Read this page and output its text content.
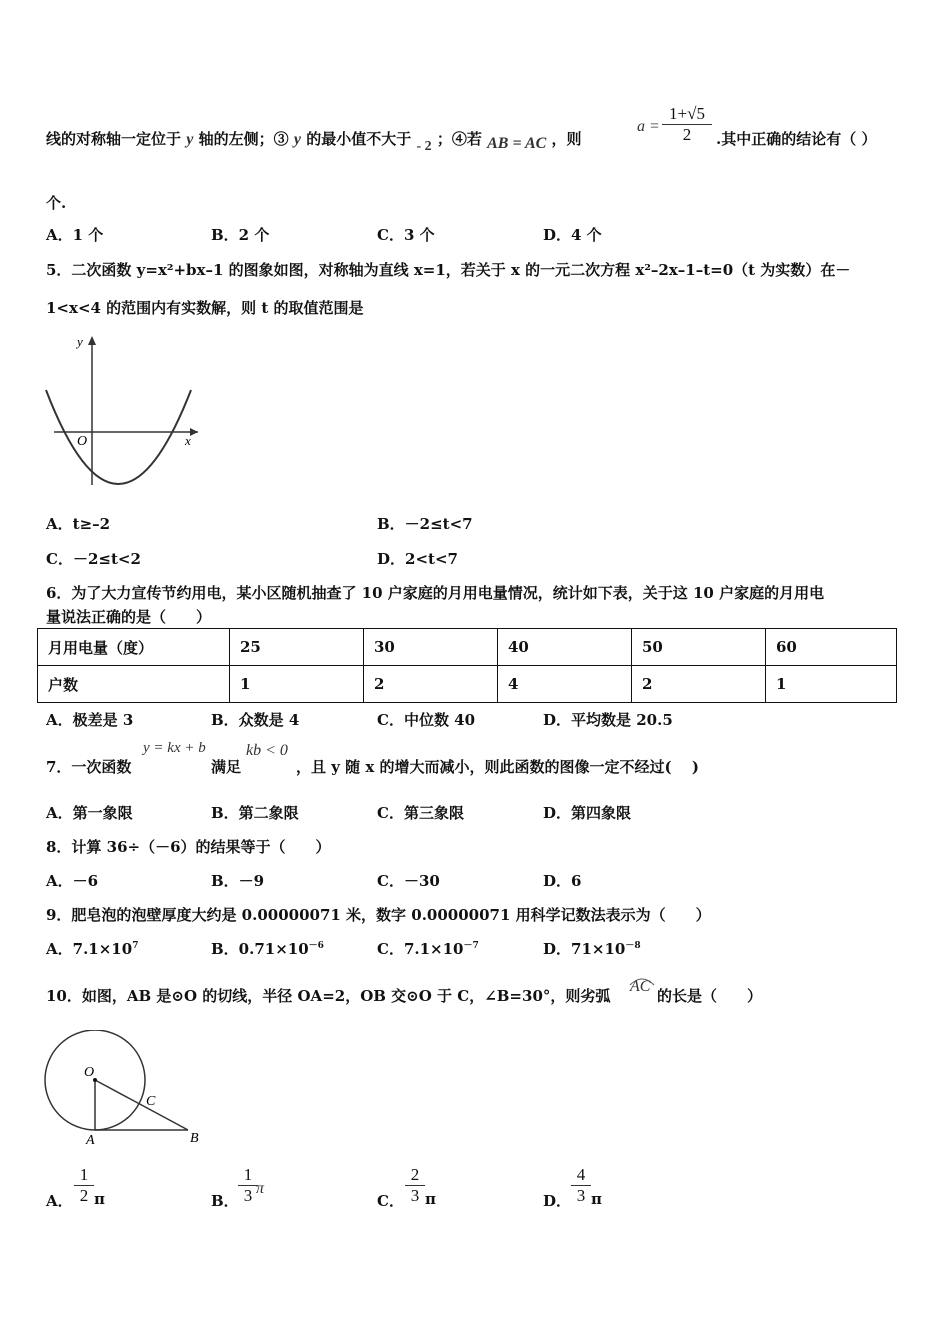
线的对称轴一定位于 y 轴的左侧；③ y 的最小值不大于 - 2 ；④若 AB = AC ，则
$a = \frac{1+√5}{2}$ .其中正确的结论有（ ）
个.
A．1 个	B．2 个	C．3 个	D．4 个
5．二次函数 y=x²+bx–1 的图象如图，对称轴为直线 x=1，若关于 x 的一元二次方程 x²–2x–1–t=0（t 为实数）在－
1<x<4 的范围内有实数解，则 t 的取值范围是
y
x
O
A．t≥–2	B．－2≤t<7
C．－2≤t<2	D．2<t<7
6．为了大力宣传节约用电，某小区随机抽查了 10 户家庭的月用电量情况，统计如下表，关于这 10 户家庭的月用电
量说法正确的是（　　）
月用电量（度）	25	30	40	50	60
户数	1	2	4	2	1
A．极差是 3	B．众数是 4	C．中位数 40	D．平均数是 20.5
7．一次函数
y = kx + b
满足
kb < 0
，且 y 随 x 的增大而减小，则此函数的图像一定不经过(　 )
A．第一象限	B．第二象限	C．第三象限	D．第四象限
8．计算 36÷（－6）的结果等于（　　）
A．－6	B．－9	C．－30	D．6
9．肥皂泡的泡壁厚度大约是 0.00000071 米，数字 0.00000071 用科学记数法表示为（　　）
A．$7.1\times 10^7$	B．$0.71\times 10^{-6}$	C．$7.1\times 10^{-7}$	D．$71\times 10^{-8}$
10．如图，AB 是⊙O 的切线，半径 OA=2，OB 交⊙O 于 C，∠B=30°，则劣弧
AC
的长是（　　）
O
A	B
C
A． $\frac{1}{2}$ π	B． $\frac{1}{3}$
π
C． $\frac{2}{3}$ π	D． $\frac{4}{3}$ π
